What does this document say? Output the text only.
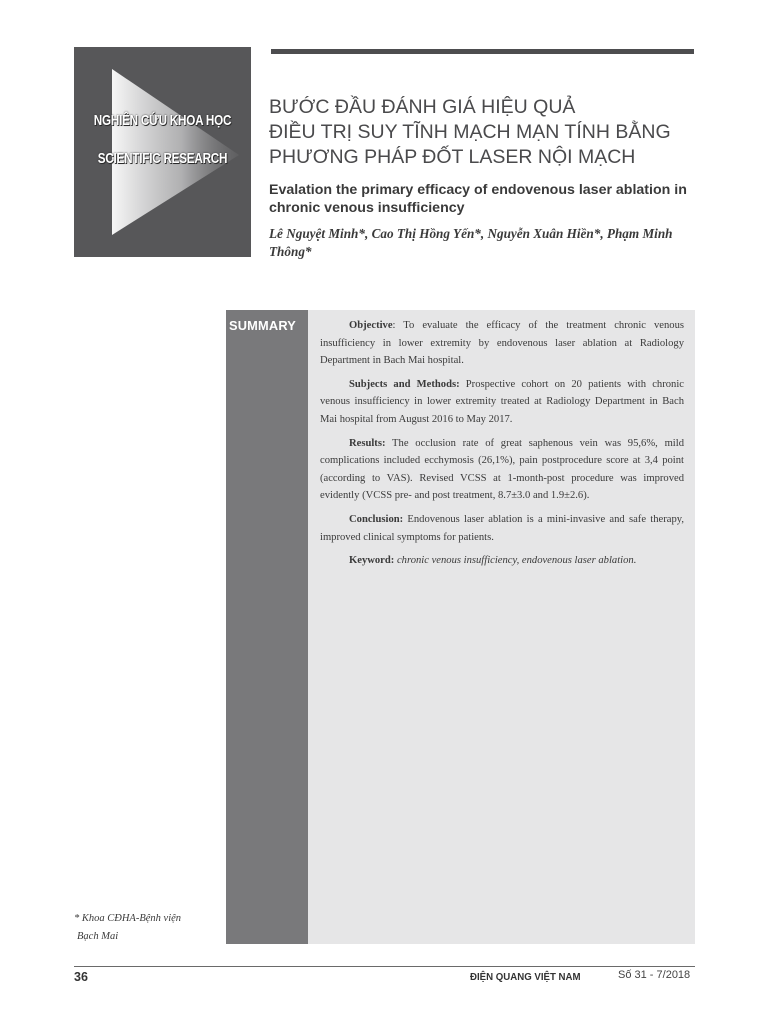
NGHIÊN CỨU KHOA HỌC
SCIENTIFIC RESEARCH
BƯỚC ĐẦU ĐÁNH GIÁ HIỆU QUẢ
ĐIỀU TRỊ SUY TĨNH MẠCH MẠN TÍNH BẰNG
PHƯƠNG PHÁP ĐỐT LASER NỘI MẠCH
Evalation the primary efficacy of endovenous laser ablation in chronic venous insufficiency

Lê Nguyệt Minh*, Cao Thị Hồng Yến*, Nguyễn Xuân Hiền*, Phạm Minh Thông*

SUMMARY	Objective: To evaluate the efficacy of the treatment chronic venous insufficiency in lower extremity by endovenous laser ablation at Radiology Department in Bach Mai hospital.

Subjects and Methods: Prospective cohort on 20 patients with chronic venous insufficiency in lower extremity treated at Radiology Department in Bach Mai hospital from August 2016 to May 2017.

Results: The occlusion rate of great saphenous vein was 95,6%, mild complications included ecchymosis (26,1%), pain postprocedure score at 3,4 point (according to VAS). Revised VCSS at 1-month-post procedure was improved evidently (VCSS pre- and post treatment, 8.7±3.0 and 1.9±2.6).

Conclusion: Endovenous laser ablation is a mini-invasive and safe therapy, improved clinical symptoms for patients.

Keyword: chronic venous insufficiency, endovenous laser ablation.

* Khoa CĐHA-Bệnh viện
Bạch Mai
36	ĐIỆN QUANG VIỆT NAM	Số 31 - 7/2018
